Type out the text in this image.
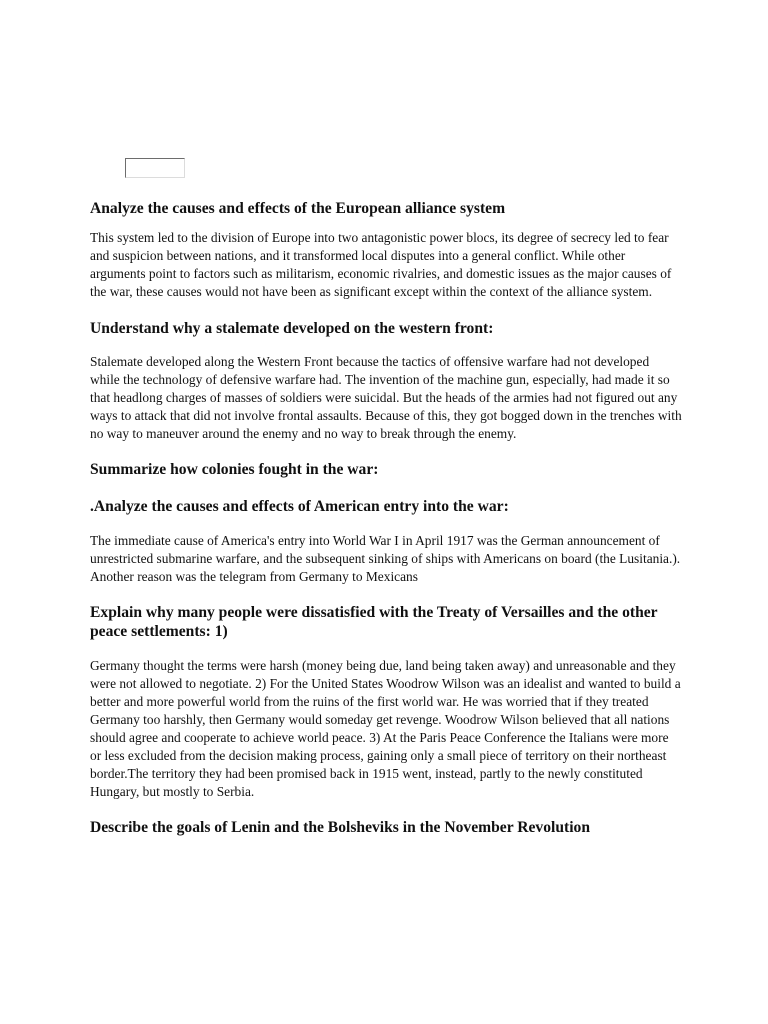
Analyze the causes and effects of the European alliance system

This system led to the division of Europe into two antagonistic power blocs, its degree of secrecy led to fear and suspicion between nations, and it transformed local disputes into a general conflict. While other arguments point to factors such as militarism, economic rivalries, and domestic issues as the major causes of the war, these causes would not have been as significant except within the context of the alliance system.

Understand why a stalemate developed on the western front:

Stalemate developed along the Western Front because the tactics of offensive warfare had not developed while the technology of defensive warfare had. The invention of the machine gun, especially, had made it so that headlong charges of masses of soldiers were suicidal. But the heads of the armies had not figured out any ways to attack that did not involve frontal assaults. Because of this, they got bogged down in the trenches with no way to maneuver around the enemy and no way to break through the enemy.

Summarize how colonies fought in the war:
.Analyze the causes and effects of American entry into the war:

The immediate cause of America's entry into World War I in April 1917 was the German announcement of unrestricted submarine warfare, and the subsequent sinking of ships with Americans on board (the Lusitania.). Another reason was the telegram from Germany to Mexicans

Explain why many people were dissatisfied with the Treaty of Versailles and the other peace settlements: 1)

Germany thought the terms were harsh (money being due, land being taken away) and unreasonable and they were not allowed to negotiate. 2) For the United States Woodrow Wilson was an idealist and wanted to build a better and more powerful world from the ruins of the first world war. He was worried that if they treated Germany too harshly, then Germany would someday get revenge. Woodrow Wilson believed that all nations should agree and cooperate to achieve world peace. 3) At the Paris Peace Conference the Italians were more or less excluded from the decision making process, gaining only a small piece of territory on their northeast border.The territory they had been promised back in 1915 went, instead, partly to the newly constituted Hungary, but mostly to Serbia.

Describe the goals of Lenin and the Bolsheviks in the November Revolution
